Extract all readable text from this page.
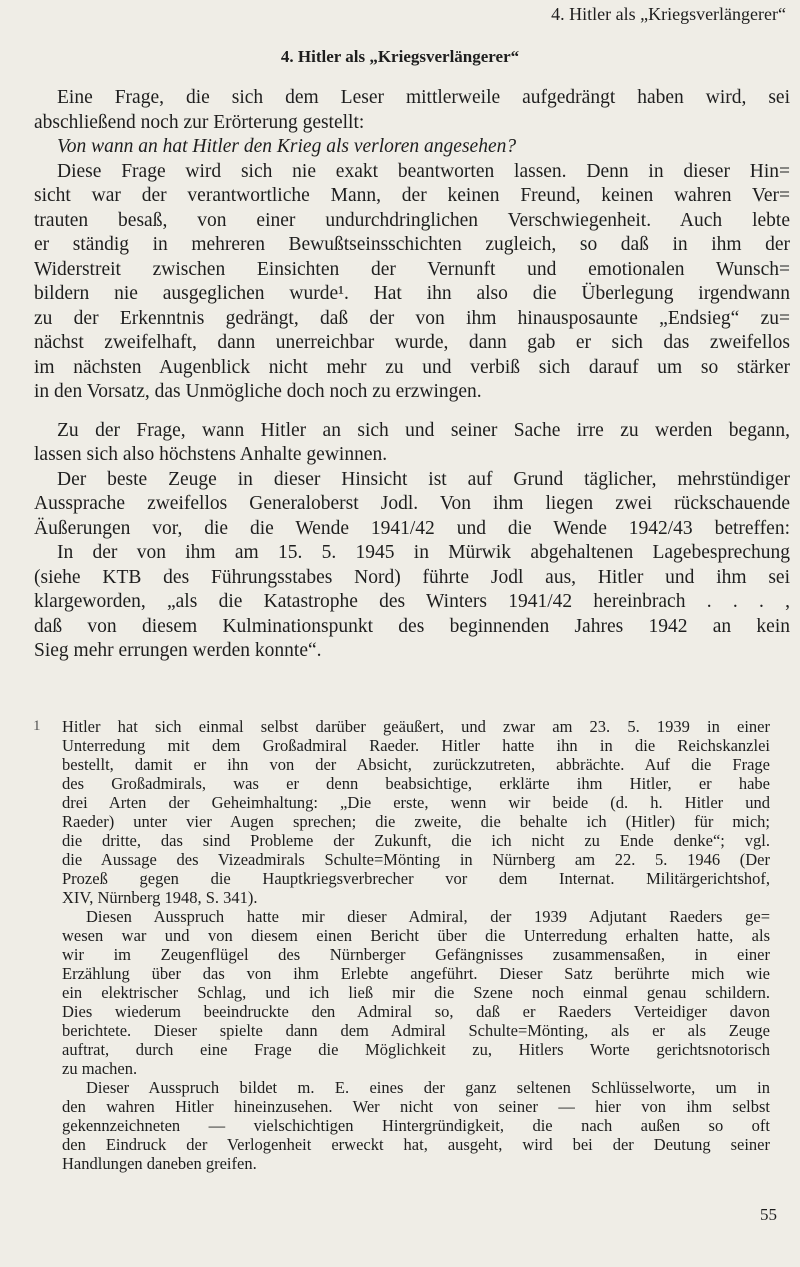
4. Hitler als „Kriegsverlängerer“
4. Hitler als „Kriegsverlängerer“
Eine Frage, die sich dem Leser mittlerweile aufgedrängt haben wird, sei
abschließend noch zur Erörterung gestellt:
Von wann an hat Hitler den Krieg als verloren angesehen?
Diese Frage wird sich nie exakt beantworten lassen. Denn in dieser Hin=
sicht war der verantwortliche Mann, der keinen Freund, keinen wahren Ver=
trauten besaß, von einer undurchdringlichen Verschwiegenheit. Auch lebte
er ständig in mehreren Bewußtseinsschichten zugleich, so daß in ihm der
Widerstreit zwischen Einsichten der Vernunft und emotionalen Wunsch=
bildern nie ausgeglichen wurde¹. Hat ihn also die Überlegung irgendwann
zu der Erkenntnis gedrängt, daß der von ihm hinausposaunte „Endsieg“ zu=
nächst zweifelhaft, dann unerreichbar wurde, dann gab er sich das zweifellos
im nächsten Augenblick nicht mehr zu und verbiß sich darauf um so stärker
in den Vorsatz, das Unmögliche doch noch zu erzwingen.
Zu der Frage, wann Hitler an sich und seiner Sache irre zu werden begann,
lassen sich also höchstens Anhalte gewinnen.
Der beste Zeuge in dieser Hinsicht ist auf Grund täglicher, mehrstündiger
Aussprache zweifellos Generaloberst Jodl. Von ihm liegen zwei rückschauende
Äußerungen vor, die die Wende 1941/42 und die Wende 1942/43 betreffen:
In der von ihm am 15. 5. 1945 in Mürwik abgehaltenen Lagebesprechung
(siehe KTB des Führungsstabes Nord) führte Jodl aus, Hitler und ihm sei
klargeworden, „als die Katastrophe des Winters 1941/42 hereinbrach . . . ,
daß von diesem Kulminationspunkt des beginnenden Jahres 1942 an kein
Sieg mehr errungen werden konnte“.
1 Hitler hat sich einmal selbst darüber geäußert, und zwar am 23. 5. 1939 in einer
Unterredung mit dem Großadmiral Raeder. Hitler hatte ihn in die Reichskanzlei
bestellt, damit er ihn von der Absicht, zurückzutreten, abbrächte. Auf die Frage
des Großadmirals, was er denn beabsichtige, erklärte ihm Hitler, er habe
drei Arten der Geheimhaltung: „Die erste, wenn wir beide (d. h. Hitler und
Raeder) unter vier Augen sprechen; die zweite, die behalte ich (Hitler) für mich;
die dritte, das sind Probleme der Zukunft, die ich nicht zu Ende denke“; vgl.
die Aussage des Vizeadmirals Schulte=Mönting in Nürnberg am 22. 5. 1946 (Der
Prozeß gegen die Hauptkriegsverbrecher vor dem Internat. Militärgerichtshof,
XIV, Nürnberg 1948, S. 341).
Diesen Ausspruch hatte mir dieser Admiral, der 1939 Adjutant Raeders ge=
wesen war und von diesem einen Bericht über die Unterredung erhalten hatte, als
wir im Zeugenflügel des Nürnberger Gefängnisses zusammensaßen, in einer
Erzählung über das von ihm Erlebte angeführt. Dieser Satz berührte mich wie
ein elektrischer Schlag, und ich ließ mir die Szene noch einmal genau schildern.
Dies wiederum beeindruckte den Admiral so, daß er Raeders Verteidiger davon
berichtete. Dieser spielte dann dem Admiral Schulte=Mönting, als er als Zeuge
auftrat, durch eine Frage die Möglichkeit zu, Hitlers Worte gerichtsnotorisch
zu machen.
Dieser Ausspruch bildet m. E. eines der ganz seltenen Schlüsselworte, um in
den wahren Hitler hineinzusehen. Wer nicht von seiner — hier von ihm selbst
gekennzeichneten — vielschichtigen Hintergründigkeit, die nach außen so oft
den Eindruck der Verlogenheit erweckt hat, ausgeht, wird bei der Deutung seiner
Handlungen daneben greifen.
55
